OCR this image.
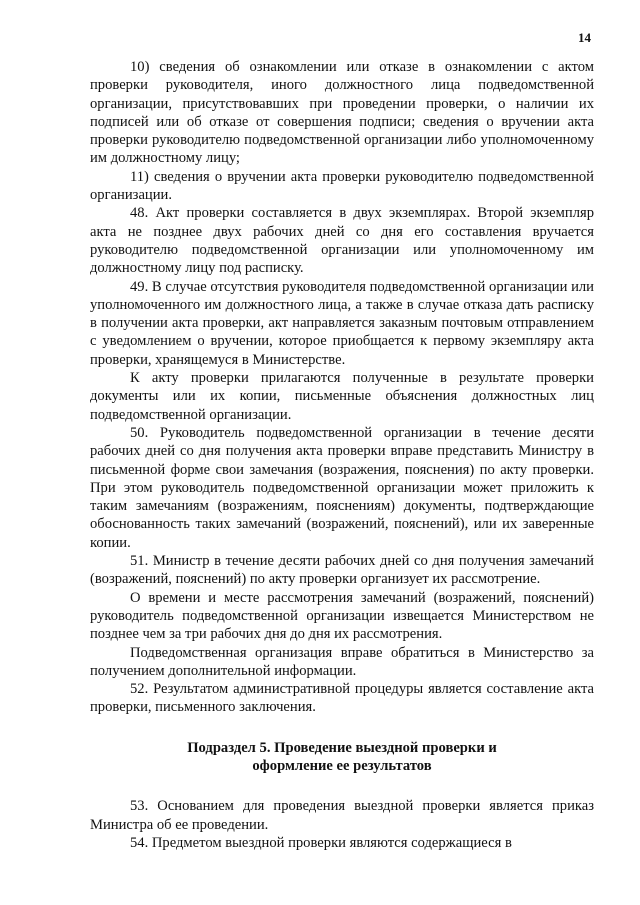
14

10) сведения об ознакомлении или отказе в ознакомлении с актом проверки руководителя, иного должностного лица подведомственной организации, присутствовавших при проведении проверки, о наличии их подписей или об отказе от совершения подписи; сведения о вручении акта проверки руководителю подведомственной организации либо уполномоченному им должностному лицу;

11) сведения о вручении акта проверки руководителю подведомственной организации.

48. Акт проверки составляется в двух экземплярах. Второй экземпляр акта не позднее двух рабочих дней со дня его составления вручается руководителю подведомственной организации или уполномоченному им должностному лицу под расписку.

49. В случае отсутствия руководителя подведомственной организации или уполномоченного им должностного лица, а также в случае отказа дать расписку в получении акта проверки, акт направляется заказным почтовым отправлением с уведомлением о вручении, которое приобщается к первому экземпляру акта проверки, хранящемуся в Министерстве.

К акту проверки прилагаются полученные в результате проверки документы или их копии, письменные объяснения должностных лиц подведомственной организации.

50. Руководитель подведомственной организации в течение десяти рабочих дней со дня получения акта проверки вправе представить Министру в письменной форме свои замечания (возражения, пояснения) по акту проверки. При этом руководитель подведомственной организации может приложить к таким замечаниям (возражениям, пояснениям) документы, подтверждающие обоснованность таких замечаний (возражений, пояснений), или их заверенные копии.

51. Министр в течение десяти рабочих дней со дня получения замечаний (возражений, пояснений) по акту проверки организует их рассмотрение.

О времени и месте рассмотрения замечаний (возражений, пояснений) руководитель подведомственной организации извещается Министерством не позднее чем за три рабочих дня до дня их рассмотрения.

Подведомственная организация вправе обратиться в Министерство за получением дополнительной информации.

52. Результатом административной процедуры является составление акта проверки, письменного заключения.

Подраздел 5. Проведение выездной проверки и
оформление ее результатов

53. Основанием для проведения выездной проверки является приказ Министра об ее проведении.

54. Предметом выездной проверки являются содержащиеся в
